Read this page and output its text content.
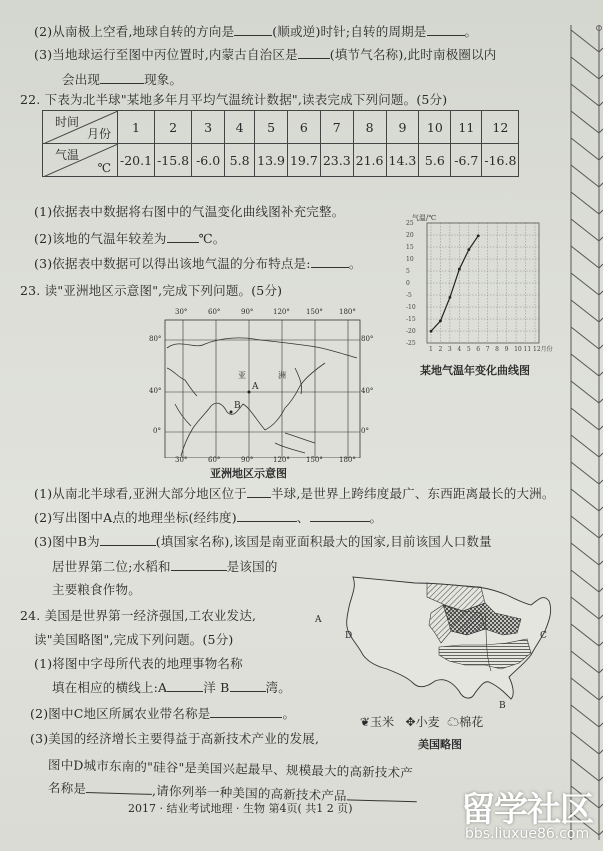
(2)从南极上空看,地球自转的方向是	(顺或逆)时针;自转的周期是	。
(3)当地球运行至图中丙位置时,内蒙古自治区是	(填节气名称),此时南极圈以内
会出现	现象。
22. 下表为北半球"某地多年月平均气温统计数据",读表完成下列问题。(5分)
时间
月份	1	2	3	4	5	6	7	8	9	10	11	12

气温
℃	-20.1	-15.8	-6.0	5.8	13.9	19.7	23.3	21.6	14.3	5.6	-6.7	-16.8
(1)依据表中数据将右图中的气温变化曲线图补充完整。
(2)该地的气温年较差为	℃。
(3)依据表中数据可以得出该地气温的分布特点是:	。
气温/℃
25
20
15
10
5
0
-5
-10
-15
-20
-25
1 2 3 4 5 6 7 8 9 10 11 12月份
某地气温年变化曲线图
23. 读"亚洲地区示意图",完成下列问题。(5分)
30°	60°	90°	120° 150° 180°
80°
40°
0°
80°
40°
0°
亚	洲
A
B
30°	60°	90°	120° 150° 180°
亚洲地区示意图
(1)从南北半球看,亚洲大部分地区位于 半球,是世界上跨纬度最广、东西距离最长的大洲。
(2)写出图中A点的地理坐标(经纬度)	、	。
(3)图中B为	(填国家名称),该国是南亚面积最大的国家,目前该国人口数量
居世界第二位;水稻和	是该国的
主要粮食作物。
24. 美国是世界第一经济强国,工农业发达,
读"美国略图",完成下列问题。(5分)
(1)将图中字母所代表的地理事物名称
填在相应的横线上:A	洋 B	湾。
(2)图中C地区所属农业带名称是	。
(3)美国的经济增长主要得益于高新技术产业的发展,
图中D城市东南的"硅谷"是美国兴起最早、规模最大的高新技术产
名称是	,请你列举一种美国的高新技术产品
A
B
C
D
❦玉米 ✥小麦 ☁棉花
美国略图
2017 · 结业考试地理 · 生物 第4页( 共1 2 页)	留学社区
bbs.liuxue86.com
